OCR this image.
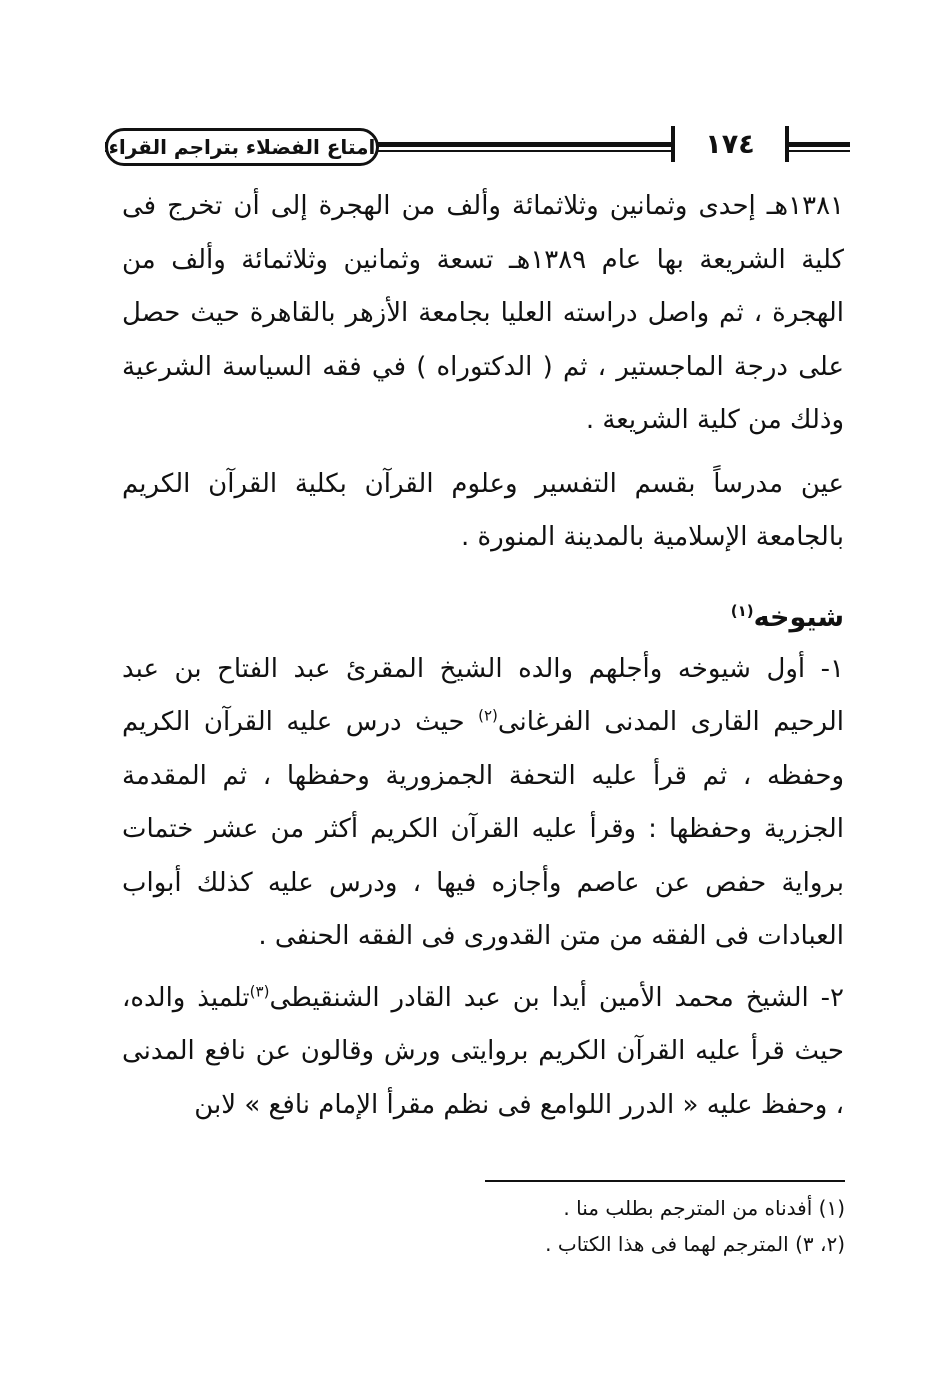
امتاع الفضلاء بتراجم القراء	١٧٤

١٣٨١هـ إحدى وثمانين وثلاثمائة وألف من الهجرة إلى أن تخرج فى كلية الشريعة بها عام ١٣٨٩هـ تسعة وثمانين وثلاثمائة وألف من الهجرة ، ثم واصل دراسته العليا بجامعة الأزهر بالقاهرة حيث حصل على درجة الماجستير ، ثم ( الدكتوراه ) في فقه السياسة الشرعية وذلك من كلية الشريعة .

عين مدرساً بقسم التفسير وعلوم القرآن بكلية القرآن الكريم بالجامعة الإسلامية بالمدينة المنورة .

شيوخه$^{(١)}$

١- أول شيوخه وأجلهم والده الشيخ المقرئ عبد الفتاح بن عبد الرحيم القارى المدنى الفرغانى$^{(٢)}$ حيث درس عليه القرآن الكريم وحفظه ، ثم قرأ عليه التحفة الجمزورية وحفظها ، ثم المقدمة الجزرية وحفظها : وقرأ عليه القرآن الكريم أكثر من عشر ختمات برواية حفص عن عاصم وأجازه فيها ، ودرس عليه كذلك أبواب العبادات فى الفقه من متن القدورى فى الفقه الحنفى .

٢- الشيخ محمد الأمين أيدا بن عبد القادر الشنقيطى$^{(٣)}$تلميذ والده، حيث قرأ عليه القرآن الكريم بروايتى ورش وقالون عن نافع المدنى ، وحفظ عليه « الدرر اللوامع فى نظم مقرأ الإمام نافع » لابن

(١) أفدناه من المترجم بطلب منا .

(٢، ٣) المترجم لهما فى هذا الكتاب .
